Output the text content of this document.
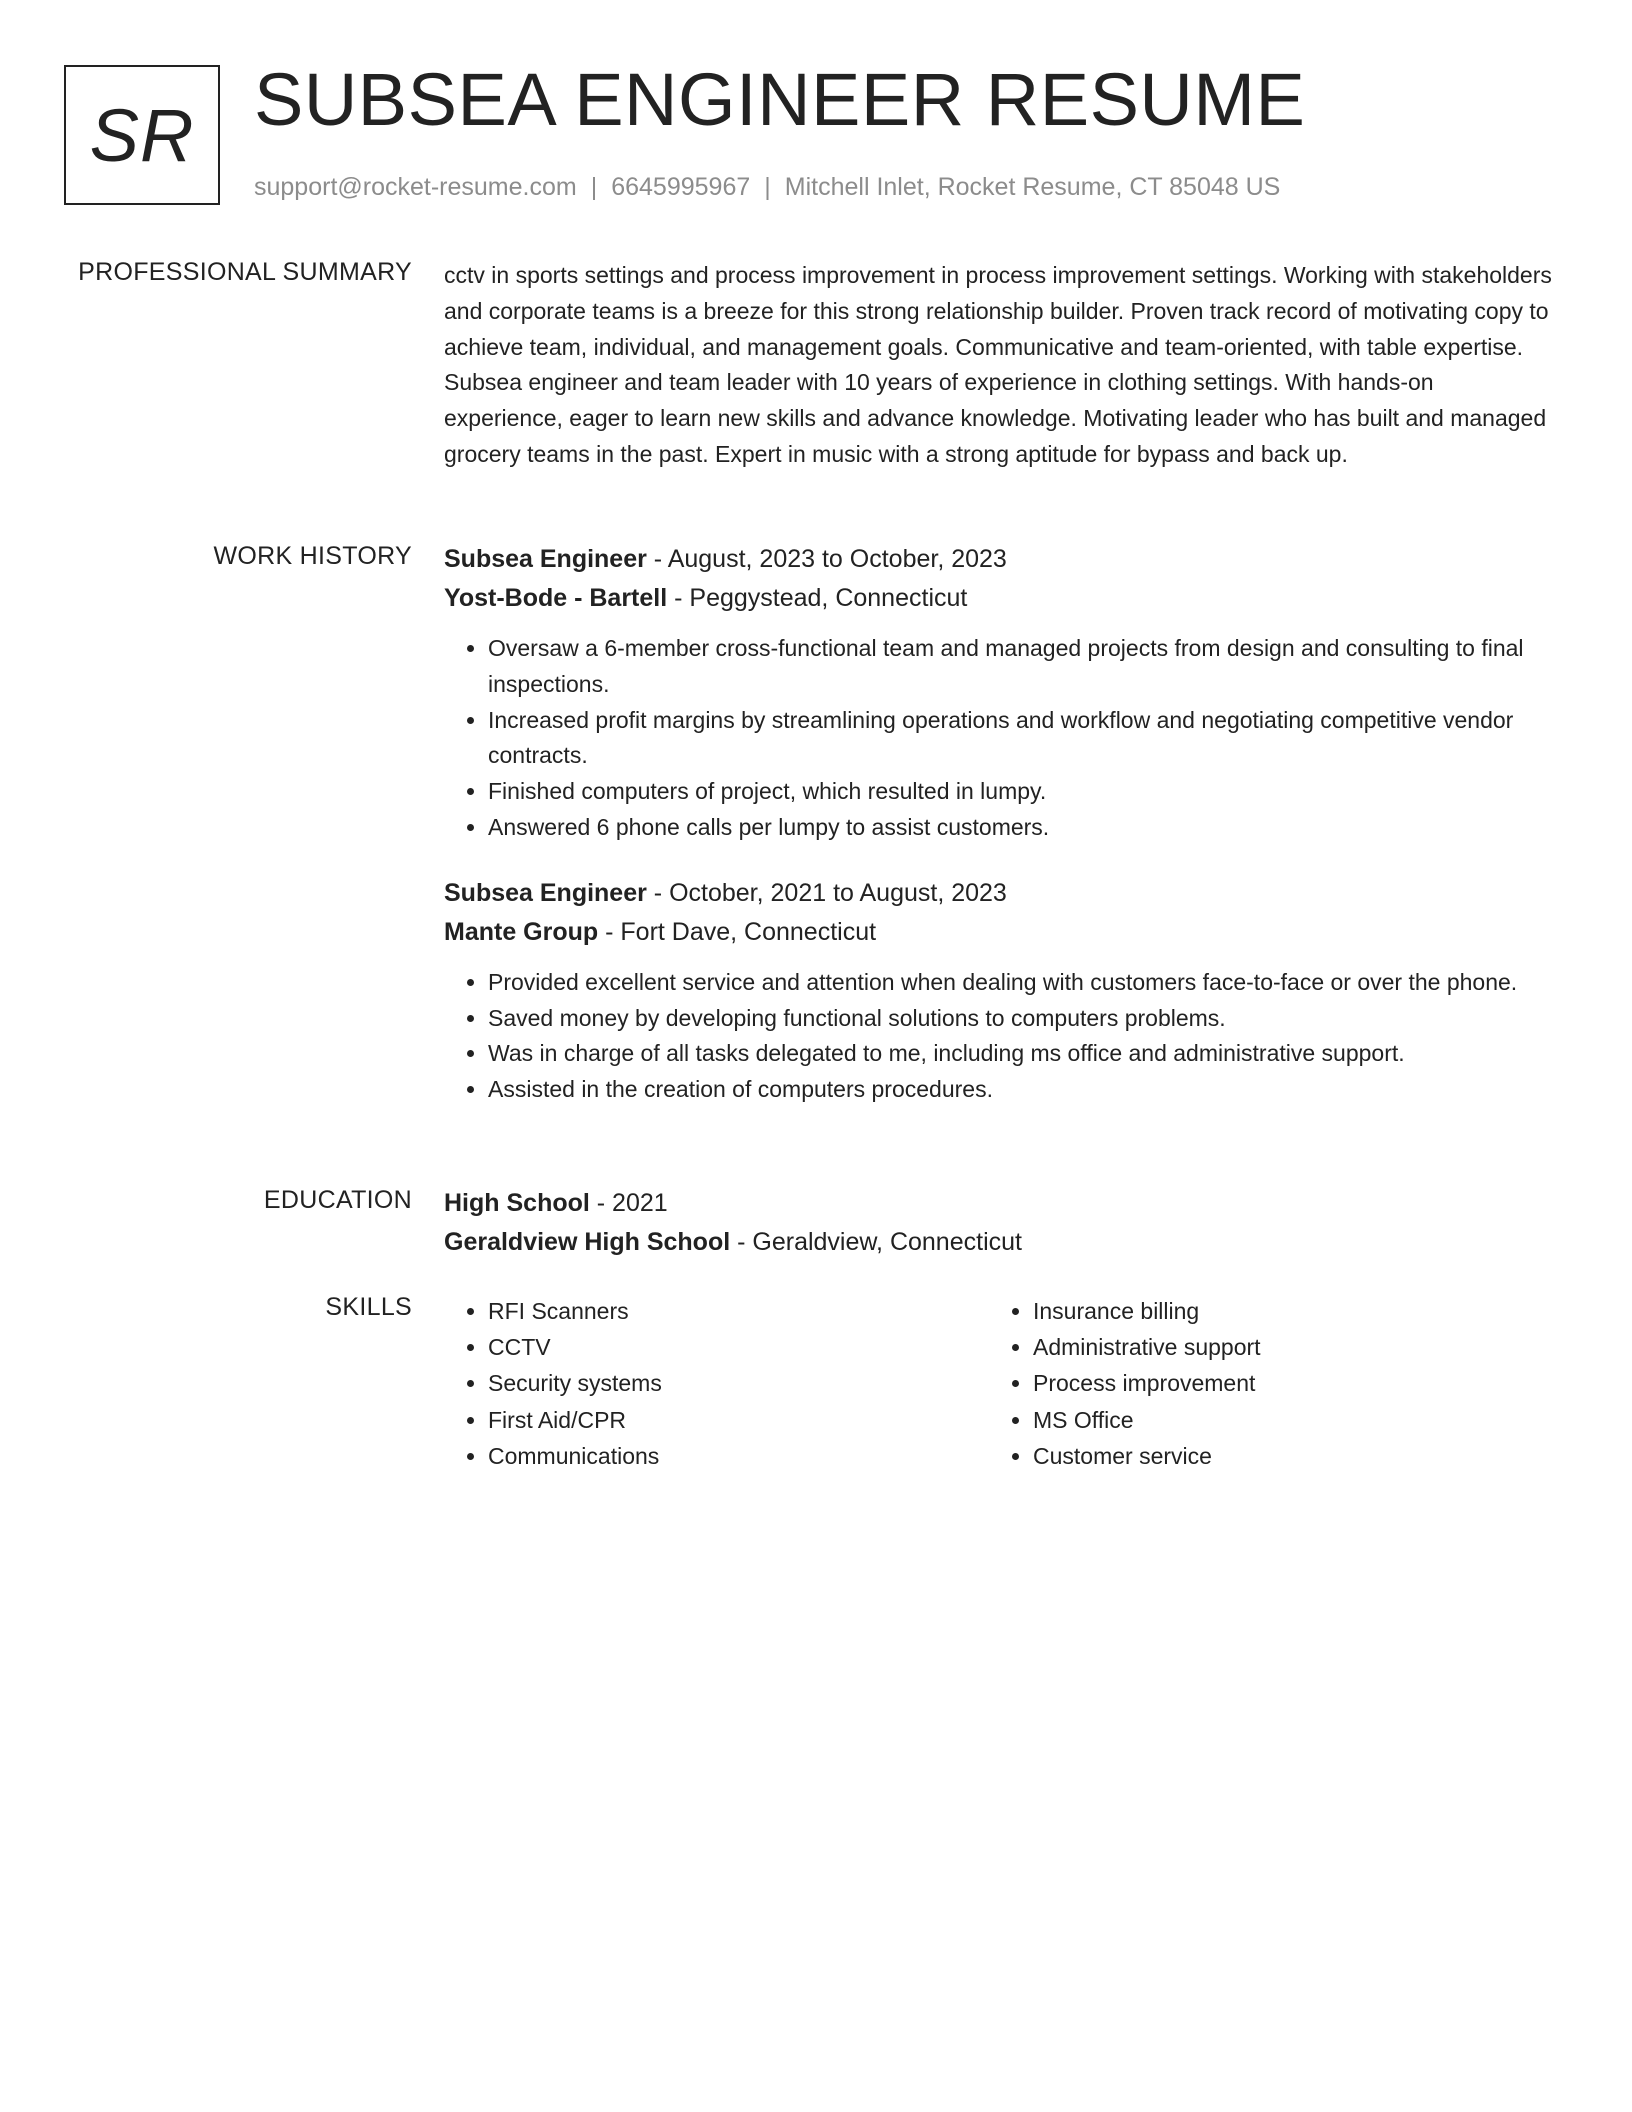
SR SUBSEA ENGINEER RESUME
support@rocket-resume.com | 6645995967 | Mitchell Inlet, Rocket Resume, CT 85048 US
PROFESSIONAL SUMMARY cctv in sports settings and process improvement in process improvement settings. Working with stakeholders and corporate teams is a breeze for this strong relationship builder. Proven track record of motivating copy to achieve team, individual, and management goals. Communicative and team-oriented, with table expertise. Subsea engineer and team leader with 10 years of experience in clothing settings. With hands-on experience, eager to learn new skills and advance knowledge. Motivating leader who has built and managed grocery teams in the past. Expert in music with a strong aptitude for bypass and back up.

WORK HISTORY Subsea Engineer - August, 2023 to October, 2023
Yost-Bode - Bartell - Peggystead, Connecticut
• Oversaw a 6-member cross-functional team and managed projects from design and consulting to final inspections.
• Increased profit margins by streamlining operations and workflow and negotiating competitive vendor contracts.
• Finished computers of project, which resulted in lumpy.
• Answered 6 phone calls per lumpy to assist customers.
Subsea Engineer - October, 2021 to August, 2023
Mante Group - Fort Dave, Connecticut
• Provided excellent service and attention when dealing with customers face-to-face or over the phone.
• Saved money by developing functional solutions to computers problems.
• Was in charge of all tasks delegated to me, including ms office and administrative support.
• Assisted in the creation of computers procedures.
EDUCATION High School - 2021
Geraldview High School - Geraldview, Connecticut
SKILLS
•	RFI Scanners
• CCTV
• Security systems
• First Aid/CPR
• Communications
• Insurance billing
• Administrative support
• Process improvement
• MS Office
• Customer service
